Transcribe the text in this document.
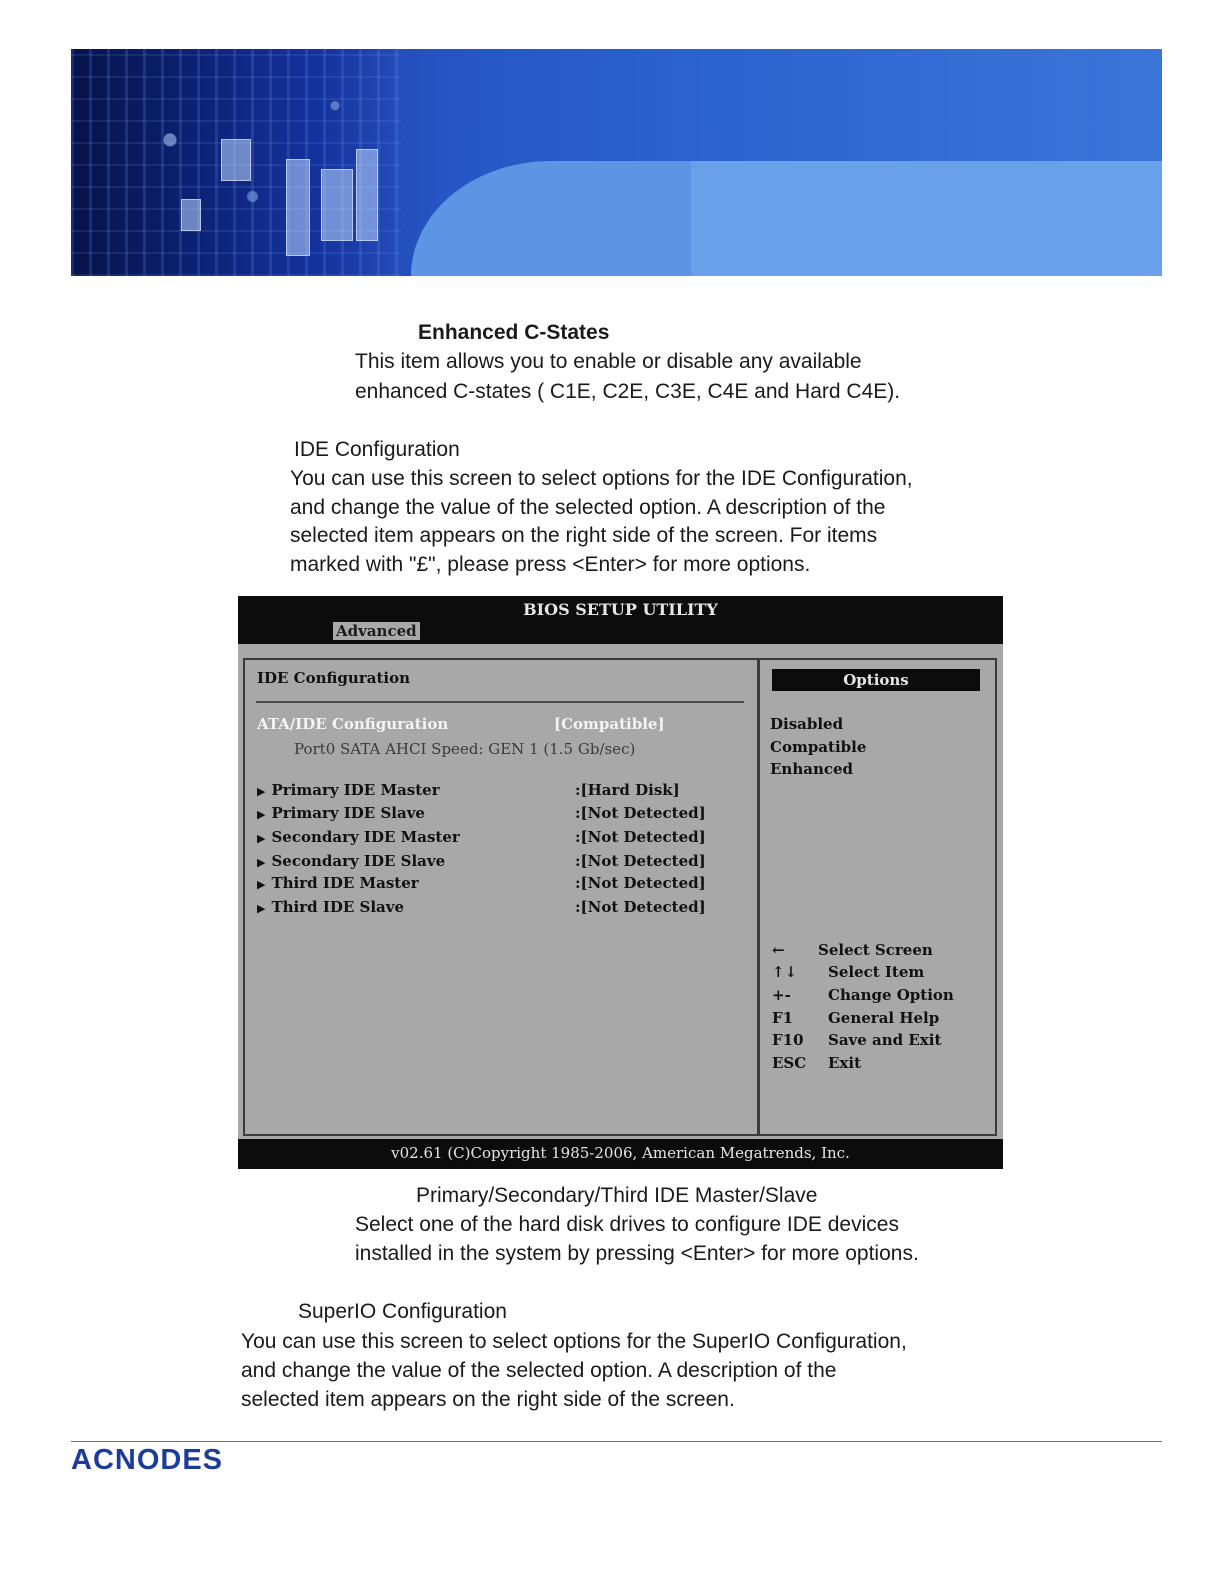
Enhanced C-States
This item allows you to enable or disable any available
enhanced C-states ( C1E, C2E, C3E, C4E and Hard C4E).
IDE Configuration
You can use this screen to select options for the IDE Configuration,
and change the value of the selected option. A description of the
selected item appears on the right side of the screen. For items
marked with "£", please press <Enter> for more options.
BIOS SETUP UTILITY
Advanced
IDE Configuration
ATA/IDE Configuration	[Compatible]
Port0 SATA AHCI Speed: GEN 1 (1.5 Gb/sec)
▶ Primary IDE Master	:[Hard Disk]
▶ Primary IDE Slave	:[Not Detected]
▶ Secondary IDE Master	:[Not Detected]
▶ Secondary IDE Slave	:[Not Detected]
▶ Third IDE Master	:[Not Detected]
▶ Third IDE Slave	:[Not Detected]
Options
Disabled
Compatible
Enhanced
← Select Screen
↑↓ Select Item
+- Change Option
F1 General Help
F10 Save and Exit
ESC Exit
v02.61 (C)Copyright 1985-2006, American Megatrends, Inc.
Primary/Secondary/Third IDE Master/Slave
Select one of the hard disk drives to configure IDE devices
installed in the system by pressing <Enter> for more options.
SuperIO Configuration
You can use this screen to select options for the SuperIO Configuration,
and change the value of the selected option. A description of the
selected item appears on the right side of the screen.
ACNODES
